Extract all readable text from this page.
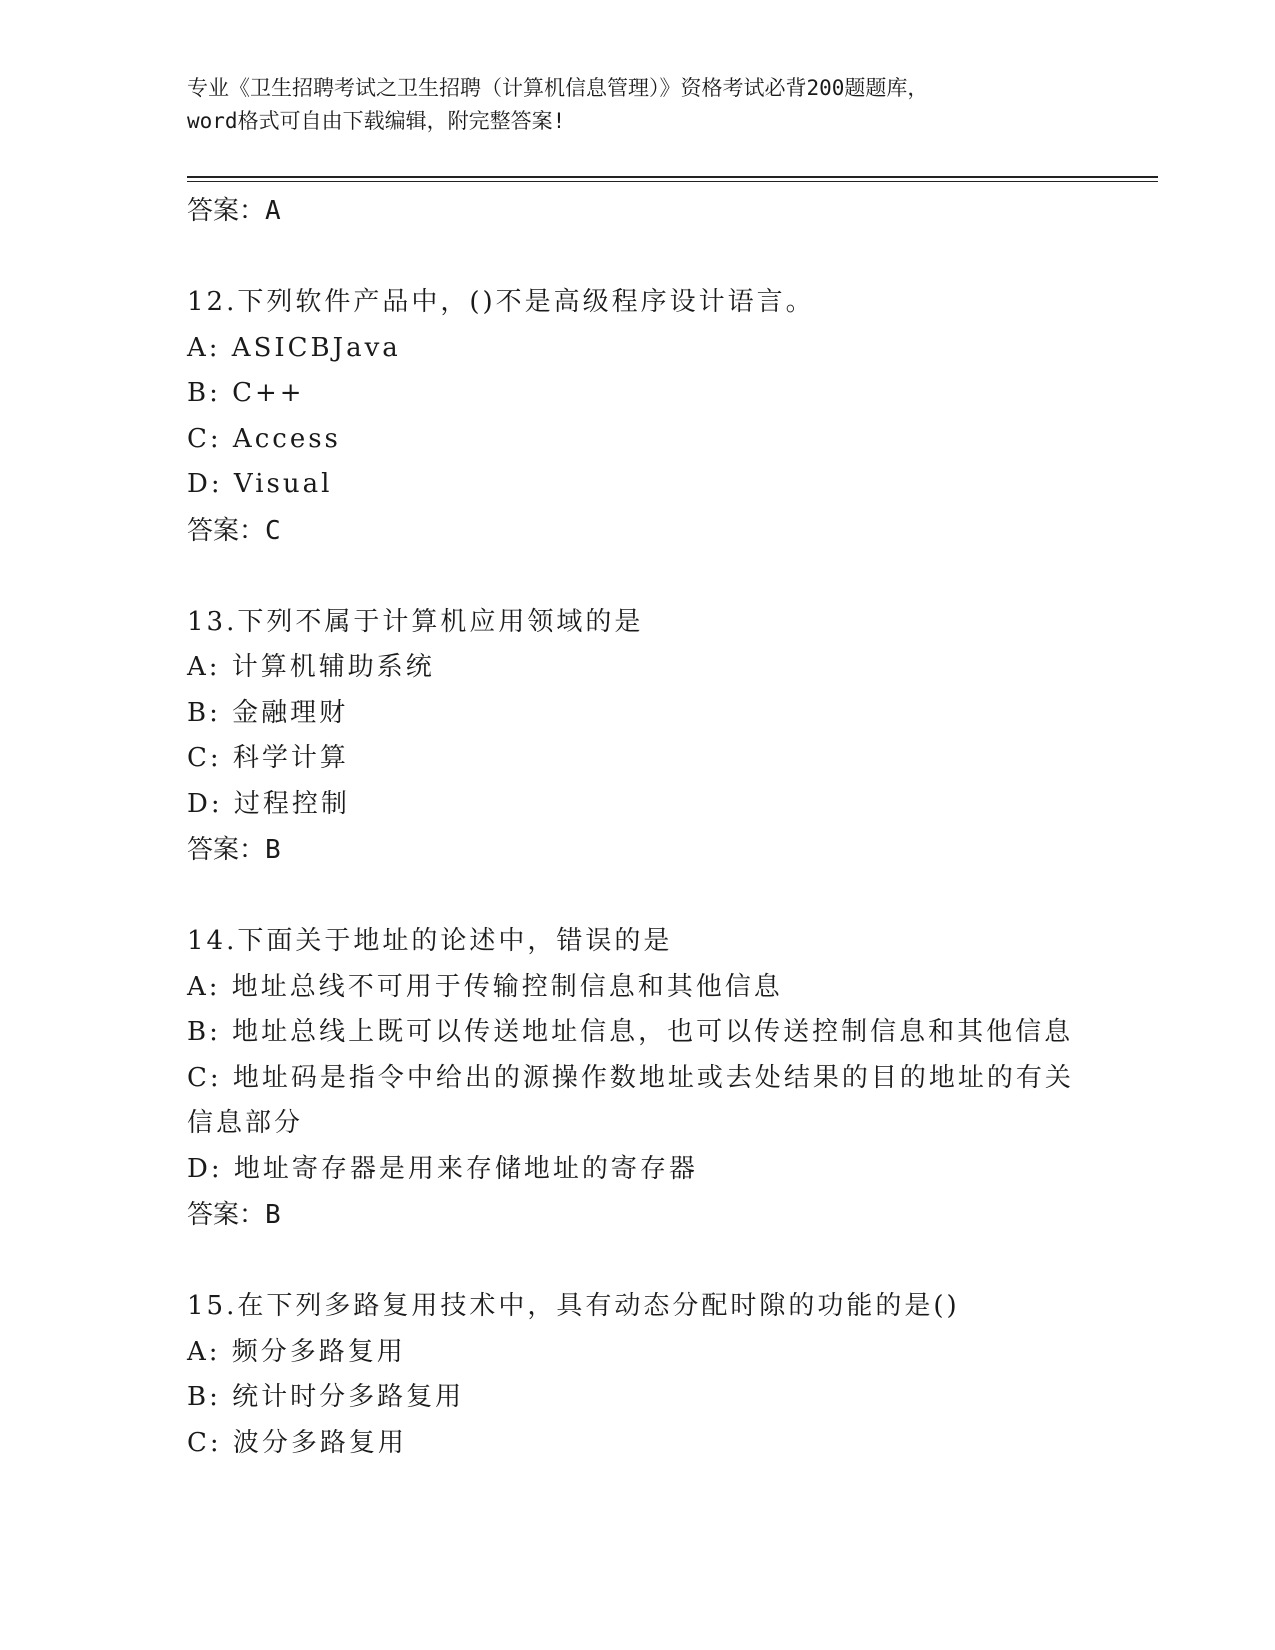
专业《卫生招聘考试之卫生招聘（计算机信息管理）》资格考试必背200题题库，
word格式可自由下载编辑，附完整答案!
答案：A
12.下列软件产品中，()不是高级程序设计语言。
A: ASICBJava
B: C++
C: Access
D: Visual
答案：C
13.下列不属于计算机应用领域的是
A: 计算机辅助系统
B: 金融理财
C: 科学计算
D: 过程控制
答案：B
14.下面关于地址的论述中，错误的是
A: 地址总线不可用于传输控制信息和其他信息
B: 地址总线上既可以传送地址信息，也可以传送控制信息和其他信息
C: 地址码是指令中给出的源操作数地址或去处结果的目的地址的有关信息部分
D: 地址寄存器是用来存储地址的寄存器
答案：B
15.在下列多路复用技术中，具有动态分配时隙的功能的是()
A: 频分多路复用
B: 统计时分多路复用
C: 波分多路复用
